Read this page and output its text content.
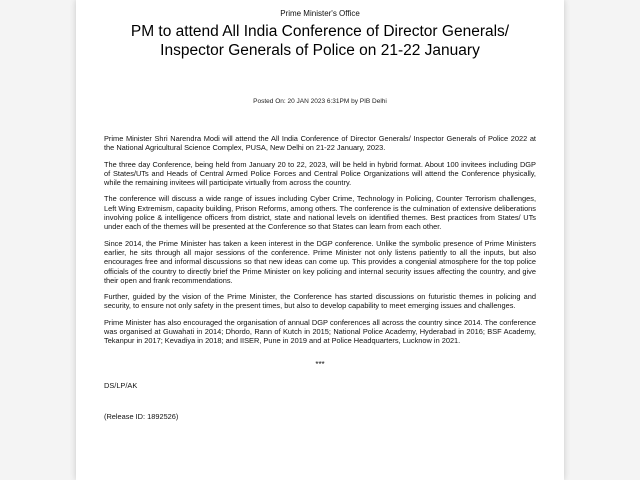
Prime Minister's Office
PM to attend All India Conference of Director Generals/ Inspector Generals of Police on 21-22 January
Posted On: 20 JAN 2023 6:31PM by PIB Delhi

Prime Minister Shri Narendra Modi will attend the All India Conference of Director Generals/ Inspector Generals of Police 2022 at the National Agricultural Science Complex, PUSA, New Delhi on 21-22 January, 2023.

The three day Conference, being held from January 20 to 22, 2023, will be held in hybrid format. About 100 invitees including DGP of States/UTs and Heads of Central Armed Police Forces and Central Police Organizations will attend the Conference physically, while the remaining invitees will participate virtually from across the country.

The conference will discuss a wide range of issues including Cyber Crime, Technology in Policing, Counter Terrorism challenges, Left Wing Extremism, capacity building, Prison Reforms, among others. The conference is the culmination of extensive deliberations involving police & intelligence officers from district, state and national levels on identified themes. Best practices from States/ UTs under each of the themes will be presented at the Conference so that States can learn from each other.

Since 2014, the Prime Minister has taken a keen interest in the DGP conference. Unlike the symbolic presence of Prime Ministers earlier, he sits through all major sessions of the conference. Prime Minister not only listens patiently to all the inputs, but also encourages free and informal discussions so that new ideas can come up. This provides a congenial atmosphere for the top police officials of the country to directly brief the Prime Minister on key policing and internal security issues affecting the country, and give their open and frank recommendations.

Further, guided by the vision of the Prime Minister, the Conference has started discussions on futuristic themes in policing and security, to ensure not only safety in the present times, but also to develop capability to meet emerging issues and challenges.

Prime Minister has also encouraged the organisation of annual DGP conferences all across the country since 2014. The conference was organised at Guwahati in 2014; Dhordo, Rann of Kutch in 2015; National Police Academy, Hyderabad in 2016; BSF Academy, Tekanpur in 2017; Kevadiya in 2018; and IISER, Pune in 2019 and at Police Headquarters, Lucknow in 2021.

***
DS/LP/AK
(Release ID: 1892526)
